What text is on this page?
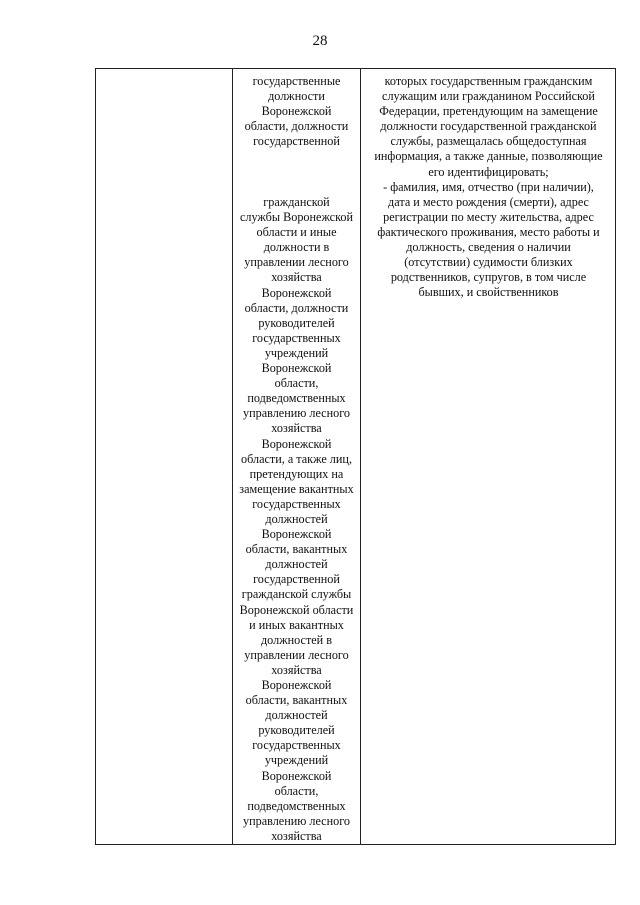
28
государственные
должности
Воронежской
области, должности
государственной
гражданской
службы Воронежской
области и иные
должности в
управлении лесного
хозяйства
Воронежской
области, должности
руководителей
государственных
учреждений
Воронежской
области,
подведомственных
управлению лесного
хозяйства
Воронежской
области, а также лиц,
претендующих на
замещение вакантных
государственных
должностей
Воронежской
области, вакантных
должностей
государственной
гражданской службы
Воронежской области
и иных вакантных
должностей в
управлении лесного
хозяйства
Воронежской
области, вакантных
должностей
руководителей
государственных
учреждений
Воронежской
области,
подведомственных
управлению лесного
хозяйства
которых государственным гражданским
служащим или гражданином Российской
Федерации, претендующим на замещение
должности государственной гражданской
службы, размещалась общедоступная
информация, а также данные, позволяющие
его идентифицировать;
- фамилия, имя, отчество (при наличии),
дата и место рождения (смерти), адрес
регистрации по месту жительства, адрес
фактического проживания, место работы и
должность, сведения о наличии
(отсутствии) судимости близких
родственников, супругов, в том числе
бывших, и свойственников
